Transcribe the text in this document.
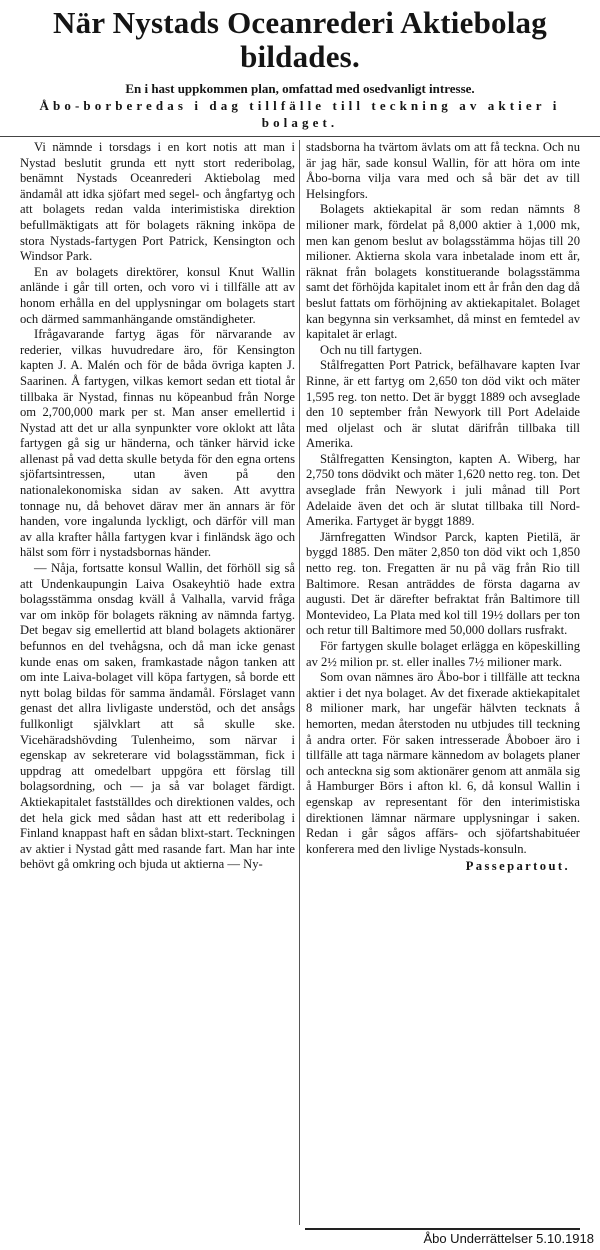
När Nystads Oceanrederi Aktiebolag bildades.
En i hast uppkommen plan, omfattad med osedvanligt intresse.
Åbo-borberedas i dag tillfälle till teckning av aktier i bolaget.

Vi nämnde i torsdags i en kort notis att man i Nystad beslutit grunda ett nytt stort rederibolag, benämnt Nystads Oceanrederi Aktiebolag med ändamål att idka sjöfart med segel- och ångfartyg och att bolagets redan valda interimistiska direktion befullmäktigats att för bolagets räkning inköpa de stora Nystads-fartygen Port Patrick, Kensington och Windsor Park.

En av bolagets direktörer, konsul Knut Wallin anlände i går till orten, och voro vi i tillfälle att av honom erhålla en del upplysningar om bolagets start och därmed sammanhängande omständigheter.

Ifrågavarande fartyg ägas för närvarande av rederier, vilkas huvudredare äro, för Kensington kapten J. A. Malén och för de båda övriga kapten J. Saarinen. Å fartygen, vilkas kemort sedan ett tiotal år tillbaka är Nystad, finnas nu köpeanbud från Norge om 2,700,000 mark per st. Man anser emellertid i Nystad att det ur alla synpunkter vore oklokt att låta fartygen gå sig ur händerna, och tänker härvid icke allenast på vad detta skulle betyda för den egna ortens sjöfartsintressen, utan även på den nationalekonomiska sidan av saken. Att avyttra tonnage nu, då behovet därav mer än annars är för handen, vore ingalunda lyckligt, och därför vill man av alla krafter hålla fartygen kvar i finländsk ägo och hälst som förr i nystadsbornas händer.

— Nåja, fortsatte konsul Wallin, det förhöll sig så att Undenkaupungin Laiva Osakeyhtiö hade extra bolagsstämma onsdag kväll å Valhalla, varvid fråga var om inköp för bolagets räkning av nämnda fartyg. Det begav sig emellertid att bland bolagets aktionärer befunnos en del tvehågsna, och då man icke genast kunde enas om saken, framkastade någon tanken att om inte Laiva-bolaget vill köpa fartygen, så borde ett nytt bolag bildas för samma ändamål. Förslaget vann genast det allra livligaste understöd, och det ansågs fullkonligt självklart att så skulle ske. Vicehäradshövding Tulenheimo, som närvar i egenskap av sekreterare vid bolagsstämman, fick i uppdrag att omedelbart uppgöra ett förslag till bolagsordning, och — ja så var bolaget färdigt. Aktiekapitalet fastställdes och direktionen valdes, och det hela gick med sådan hast att ett rederibolag i Finland knappast haft en sådan blixt-start. Teckningen av aktier i Nystad gått med rasande fart. Man har inte behövt gå omkring och bjuda ut aktierna — Ny-

stadsborna ha tvärtom ävlats om att få teckna. Och nu är jag här, sade konsul Wallin, för att höra om inte Åbo-borna vilja vara med och så bär det av till Helsingfors.

Bolagets aktiekapital är som redan nämnts 8 milioner mark, fördelat på 8,000 aktier à 1,000 mk, men kan genom beslut av bolagsstämma höjas till 20 milioner. Aktierna skola vara inbetalade inom ett år, räknat från bolagets konstituerande bolagsstämma samt det förhöjda kapitalet inom ett år från den dag då beslut fattats om förhöjning av aktiekapitalet. Bolaget kan begynna sin verksamhet, då minst en femtedel av kapitalet är erlagt.

Och nu till fartygen.

Stålfregatten Port Patrick, befälhavare kapten Ivar Rinne, är ett fartyg om 2,650 ton död vikt och mäter 1,595 reg. ton netto. Det är byggt 1889 och avseglade den 10 september från Newyork till Port Adelaide med oljelast och är slutat därifrån tillbaka till Amerika.

Stålfregatten Kensington, kapten A. Wiberg, har 2,750 tons dödvikt och mäter 1,620 netto reg. ton. Det avseglade från Newyork i juli månad till Port Adelaide även det och är slutat tillbaka till Nord-Amerika. Fartyget är byggt 1889.

Järnfregatten Windsor Parck, kapten Pietilä, är byggd 1885. Den mäter 2,850 ton död vikt och 1,850 netto reg. ton. Fregatten är nu på väg från Rio till Baltimore. Resan anträddes de första dagarna av augusti. Det är därefter befraktat från Baltimore till Montevideo, La Plata med kol till 19½ dollars per ton och retur till Baltimore med 50,000 dollars rusfrakt.

För fartygen skulle bolaget erlägga en köpeskilling av 2½ milion pr. st. eller inalles 7½ milioner mark.

Som ovan nämnes äro Åbo-bor i tillfälle att teckna aktier i det nya bolaget. Av det fixerade aktiekapitalet 8 milioner mark, har ungefär hälvten tecknats å hemorten, medan återstoden nu utbjudes till teckning å andra orter. För saken intresserade Åboboer äro i tillfälle att taga närmare kännedom av bolagets planer och anteckna sig som aktionärer genom att anmäla sig å Hamburger Börs i afton kl. 6, då konsul Wallin i egenskap av representant för den interimistiska direktionen lämnar närmare upplysningar i saken. Redan i går sågos affärs- och sjöfartshabituéer konferera med den livlige Nystads-konsuln.

Passepartout.

Åbo Underrättelser 5.10.1918
